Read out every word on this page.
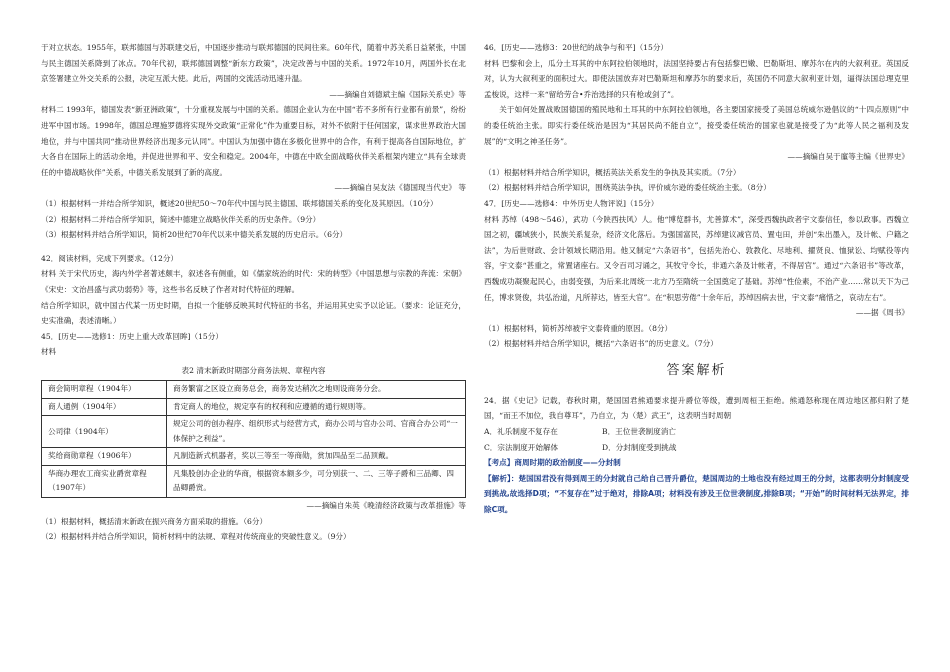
于对立状态。1955年，联邦德国与苏联建交后，中国逐步推动与联邦德国的民间往来。60年代，随着中苏关系日益紧张，中国与民主德国关系降到了冰点。70年代初，联邦德国调整“新东方政策”，决定改善与中国的关系。1972年10月，两国外长在北京签署建立外交关系的公报，决定互派大使。此后，两国的交流活动迅速升温。

——摘编自刘德斌主编《国际关系史》等

材料二 1993年，德国发表“新亚洲政策”，十分重视发展与中国的关系。德国企业认为在中国“若不多所有行业都有前景”，纷纷进军中国市场。1998年，德国总理施罗德将实现外交政策“正常化”作为重要目标，对外不依附于任何国家，谋求世界政治大国地位，并与中国共同“推动世界经济出现多元认同”。中国认为加强中德在多极化世界中的合作，有利于提高各自国际地位，扩大各自在国际上的活动余地，并促进世界和平、安全和稳定。2004年，中德在中欧全面战略伙伴关系框架内建立“具有全球责任的中德战略伙伴”关系，中德关系发展到了新的高度。

——摘编自吴友法《德国现当代史》 等

（1）根据材料一并结合所学知识，概述20世纪50～70年代中国与民主德国、联邦德国关系的变化及其原因。（10分）

（2）根据材料二并结合所学知识，简述中德建立战略伙伴关系的历史条件。（9分）

（3）根据材料并结合所学知识，简析20世纪70年代以来中德关系发展的历史启示。（6分）

42．阅读材料，完成下列要求。（12分）

材料 关于宋代历史，海内外学者著述颇丰，叙述各有侧重，如《儒家统治的时代：宋的转型》《中国思想与宗教的奔流：宋朝》《宋史：文治昌盛与武功弱势》等，这些书名反映了作者对时代特征的理解。

结合所学知识，就中国古代某一历史时期，自拟一个能够反映其时代特征的书名，并运用其史实予以论证。（要求：论证充分，史实准确，表述清晰。）

45．[历史——选修1：历史上重大改革回眸]（15分）

材料

表2 清末新政时期部分商务法规、章程内容

商会简明章程（1904年）	商务繁富之区设立商务总会，商务发达稍次之地则设商务分会。
商人通例（1904年）	肯定商人的地位，规定享有的权利和应遵循的通行规则等。
公司律（1904年）	规定公司的创办程序、组织形式与经营方式，商办公司与官办公司、官商合办公司“一体保护之利益”。
奖给商勋章程（1906年）	凡制造新式机器者，奖以三等至一等商勋，赏加四品至二品顶戴。
华商办理农工商实业爵赏章程（1907年）	凡集股创办企业的华商，根据资本额多少，可分别获一、二、三等子爵和三品卿、四品卿爵赏。

——摘编自朱英《晚清经济政策与改革措施》等

（1）根据材料，概括清末新政在振兴商务方面采取的措施。（6分）

（2）根据材料并结合所学知识，简析材料中的法规、章程对传统商业的突破性意义。（9分）

46．[历史——选修3：20世纪的战争与和平]（15分）

材料 巴黎和会上，瓜分土耳其的中东阿拉伯领地时，法国坚持要占有包括黎巴嫩、巴勒斯坦、摩苏尔在内的大叙利亚。英国反对，认为大叙利亚的面积过大。即使法国放弃对巴勒斯坦和摩苏尔的要求后，英国仍不同意大叙利亚计划，逼得法国总理克里孟梭说，这样一来“留给劳合•乔治选择的只有枪或剑了”。

关于如何处置战败国德国的殖民地和土耳其的中东阿拉伯领地，各主要国家接受了美国总统威尔逊倡议的“十四点原则”中的委任统治主张。即实行委任统治是因为“其居民尚不能自立”，接受委任统治的国家也就是接受了为“此等人民之福利及发展”的“文明之神圣任务”。

——摘编自吴于廑等主编《世界史》

（1）根据材料并结合所学知识，概括英法关系发生的争执及其实质。（7分）

（2）根据材料并结合所学知识，围绕英法争执，评价威尔逊的委任统治主张。（8分）

47．[历史——选修4：中外历史人物评说]（15分）

材料 苏绰（498～546），武功（今陕西扶风）人。他“博览群书，尤善算术”，深受西魏执政者宇文泰信任，参以政事。西魏立国之初，疆域狭小，民族关系复杂，经济文化落后。为强国富民，苏绰建议减官员、置屯田，并创“朱出墨入，及计帐、户籍之法”，为后世财政、会计领域长期沿用。他又制定“六条诏书”，包括先治心、敦教化、尽地利、擢贤良、恤狱讼、均赋役等内容，宇文泰“甚重之，常置诸座右。又令百司习诵之，其牧守令长，非通六条及计帐者，不得居官”。通过“六条诏书”等改革，西魏成功凝聚起民心，由弱变强，为后来北周统一北方乃至隋统一全国奠定了基础。苏绰“性俭素，不治产业……常以天下为己任，博求贤俊，共弘治道，凡所荐达，皆至大官”。在“积思劳倦”十余年后，苏绰因病去世，宇文泰“痛惜之，哀动左右”。

——据《周书》

（1）根据材料，简析苏绰被宇文泰倚重的原因。（8分）

（2）根据材料并结合所学知识，概括“六条诏书”的历史意义。（7分）

答案解析

24．据《史记》记载，春秋时期，楚国国君熊通要求提升爵位等级，遭到周桓王拒绝。熊通怒称现在周边地区都归附了楚国，“而王不加位，我自尊耳”，乃自立，为（楚）武王”，这表明当时周朝

A．礼乐制度不复存在	B．王位世袭制度消亡

C．宗法制度开始解体	D．分封制度受到挑战

【考点】商周时期的政治制度——分封制

【解析】：楚国国君没有得到周王的分封就自己给自己晋升爵位，楚国周边的土地也没有经过周王的分封，这都表明分封制度受到挑战,故选择D项；“不复存在”过于绝对，排除A项；材料没有涉及王位世袭制度,排除B项；“开始”的时间材料无法界定，排除C项。
